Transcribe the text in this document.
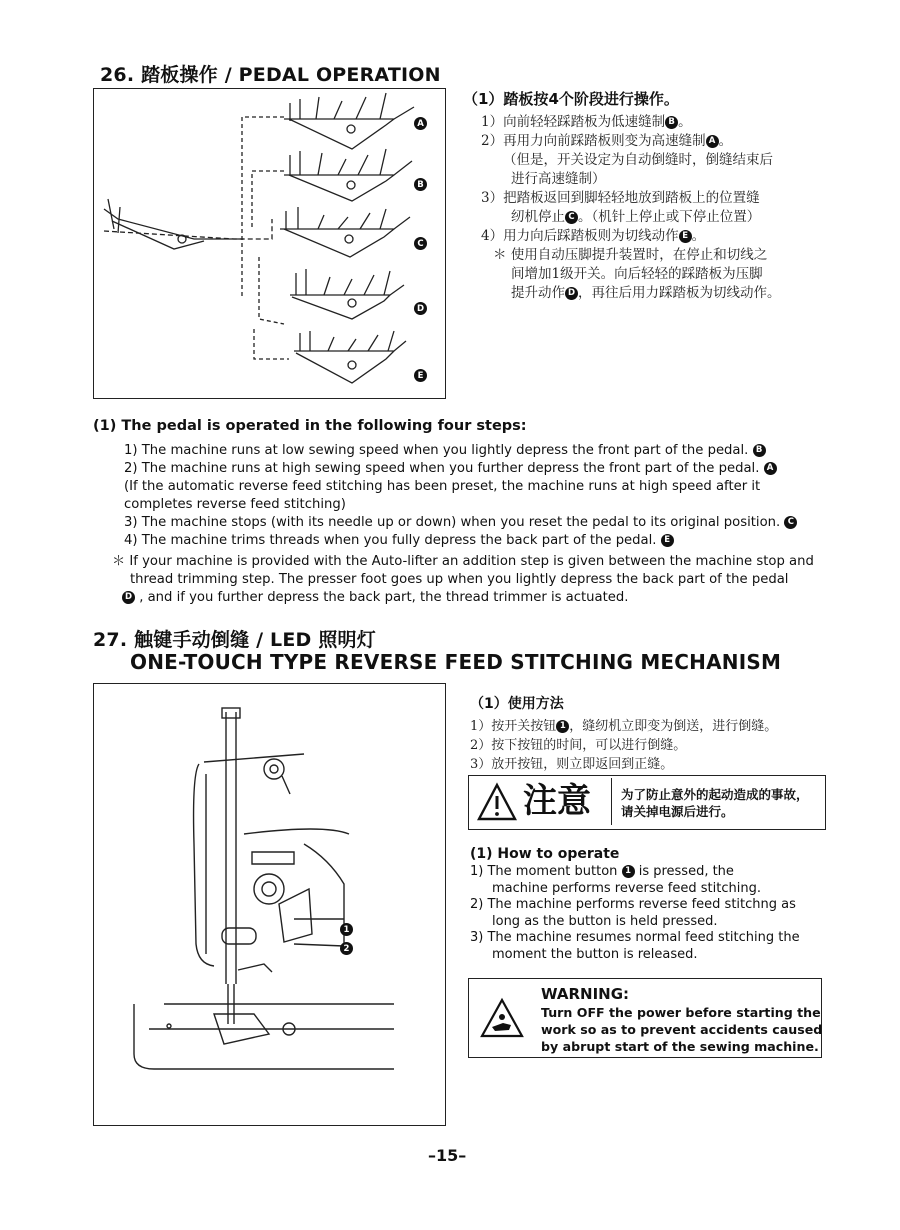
26. 踏板操作 / PEDAL OPERATION
A
B
C
D
E
（1）踏板按4个阶段进行操作。
1）向前轻轻踩踏板为低速缝制 B 。
2）再用力向前踩踏板则变为高速缝制 A 。
（但是，开关设定为自动倒缝时，倒缝结束后
进行高速缝制）
3）把踏板返回到脚轻轻地放到踏板上的位置缝
纫机停止 C 。（机针上停止或下停止位置）
4）用力向后踩踏板则为切线动作 E 。
＊ 使用自动压脚提升装置时，在停止和切线之
间增加1级开关。向后轻轻的踩踏板为压脚
提升动作 D ，再往后用力踩踏板为切线动作。
(1) The pedal is operated in the following four steps:
1) The machine runs at low sewing speed when you lightly depress the front part of the pedal. B
2) The machine runs at high sewing speed when you further depress the front part of the pedal. A
(If the automatic reverse feed stitching has been preset, the machine runs at high speed after it
completes reverse feed stitching)
3) The machine stops (with its needle up or down) when you reset the pedal to its original position. C
4) The machine trims threads when you fully depress the back part of the pedal. E
＊ If your machine is provided with the Auto-lifter an addition step is given between the machine stop and
thread trimming step. The presser foot goes up when you lightly depress the back part of the pedal
D , and if you further depress the back part, the thread trimmer is actuated.
27. 触键手动倒缝 / LED 照明灯
ONE-TOUCH TYPE REVERSE FEED STITCHING MECHANISM
1
2
（1）使用方法
1）按开关按钮 1 ，缝纫机立即变为倒送，进行倒缝。
2）按下按钮的时间，可以进行倒缝。
3）放开按钮，则立即返回到正缝。
注意 为了防止意外的起动造成的事故，
请关掉电源后进行。
(1) How to operate
1) The moment button 1 is pressed, the
machine performs reverse feed stitching.
2) The machine performs reverse feed stitchng as
long as the button is held pressed.
3) The machine resumes normal feed stitching the
moment the button is released.
WARNING:
Turn OFF the power before starting the
work so as to prevent accidents caused
by abrupt start of the sewing machine.
–15–
